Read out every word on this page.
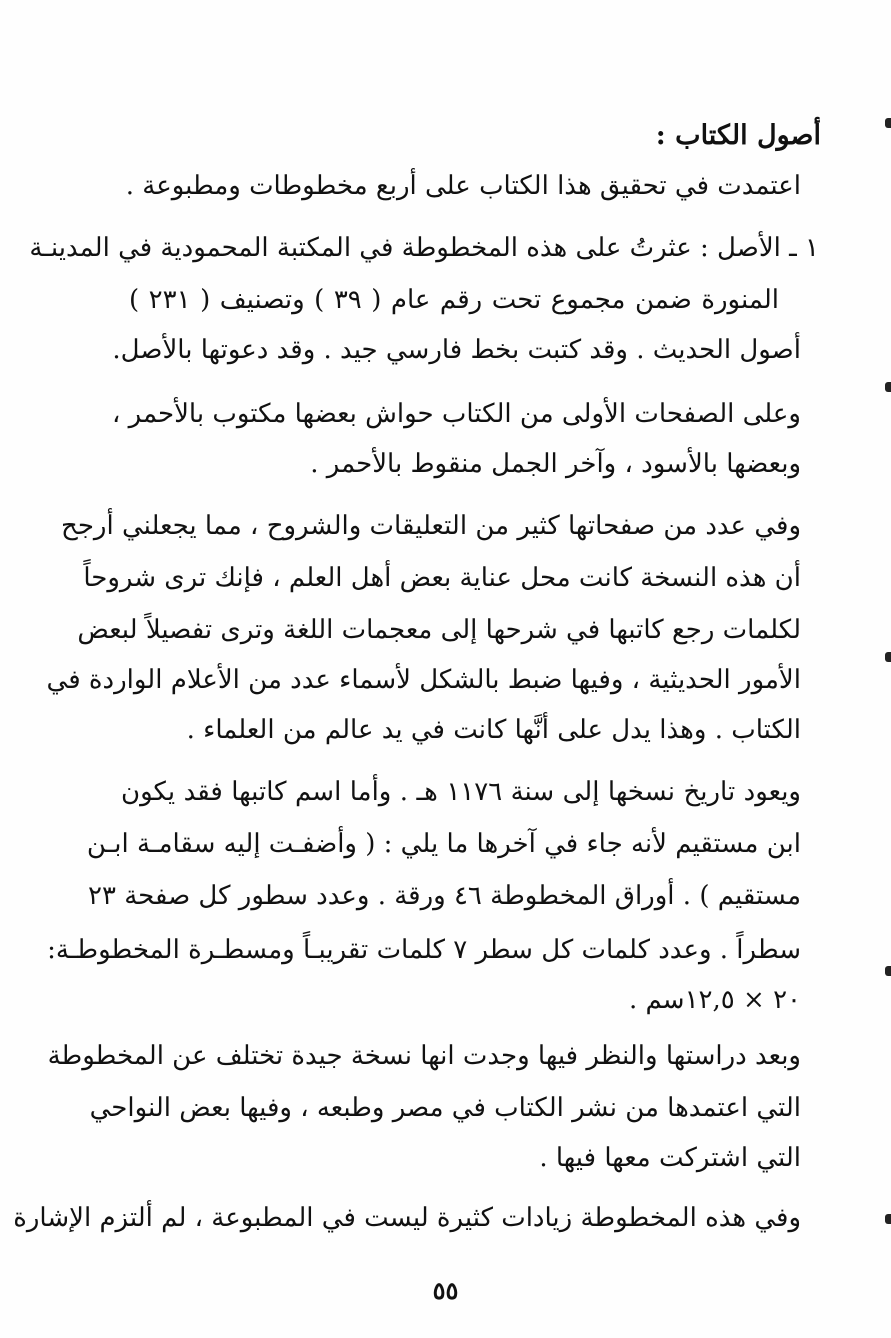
أصول الكتاب :
اعتمدت في تحقيق هذا الكتاب على أربع مخطوطات ومطبوعة .
١ ـ الأصل : عثرتُ على هذه المخطوطة في المكتبة المحمودية في المدينـة
المنورة ضمن مجموع تحت رقم عام ( ٣٩ ) وتصنيف ( ٢٣١ )
أصول الحديث . وقد كتبت بخط فارسي جيد . وقد دعوتها بالأصل.
وعلى الصفحات الأولى من الكتاب حواش بعضها مكتوب بالأحمر ،
وبعضها بالأسود ، وآخر الجمل منقوط بالأحمر .
وفي عدد من صفحاتها كثير من التعليقات والشروح ، مما يجعلني أرجح
أن هذه النسخة كانت محل عناية بعض أهل العلم ، فإنك ترى شروحاً
لكلمات رجع كاتبها في شرحها إلى معجمات اللغة وترى تفصيلاً لبعض
الأمور الحديثية ، وفيها ضبط بالشكل لأسماء عدد من الأعلام الواردة في
الكتاب . وهذا يدل على أنَّها كانت في يد عالم من العلماء .
ويعود تاريخ نسخها إلى سنة ١١٧٦ هـ . وأما اسم كاتبها فقد يكون
ابن مستقيم لأنه جاء في آخرها ما يلي : ( وأضفـت إليه سقامـة ابـن
مستقيم ) . أوراق المخطوطة ٤٦ ورقة . وعدد سطور كل صفحة ٢٣
سطراً . وعدد كلمات كل سطر ٧ كلمات تقريبـاً ومسطـرة المخطوطـة:
٢٠ × ١٢,٥سم .
وبعد دراستها والنظر فيها وجدت انها نسخة جيدة تختلف عن المخطوطة
التي اعتمدها من نشر الكتاب في مصر وطبعه ، وفيها بعض النواحي
التي اشتركت معها فيها .
وفي هذه المخطوطة زيادات كثيرة ليست في المطبوعة ، لم ألتزم الإشارة
٥٥
